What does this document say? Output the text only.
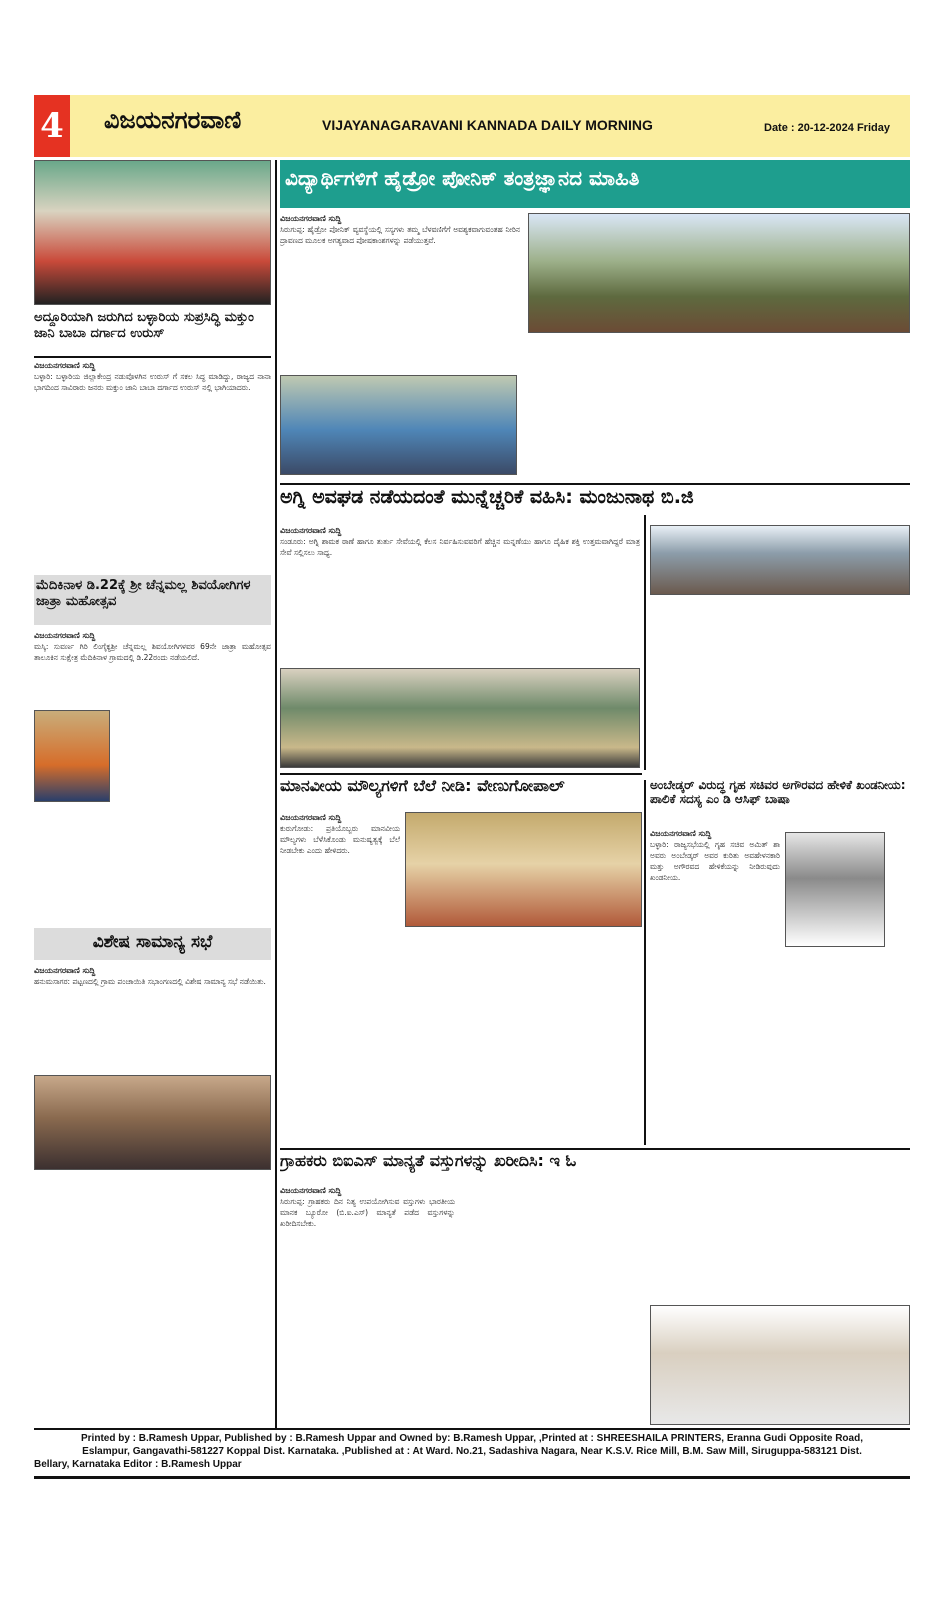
4 ವಿಜಯನಗರವಾಣಿ	VIJAYANAGARAVANI KANNADA DAILY MORNING	Date : 20-12-2024 Friday
ಅದ್ದೂರಿಯಾಗಿ ಜರುಗಿದ ಬಳ್ಳಾರಿಯ ಸುಪ್ರಸಿದ್ಧಿ ಮಕ್ತುಂ ಜಾನಿ ಬಾಬಾ ದರ್ಗಾದ ಉರುಸ್
ವಿಜಯನಗರವಾಣಿ ಸುದ್ದಿ
ಬಳ್ಳಾರಿ: ಬಳ್ಳಾರಿಯ ಜಿಲ್ಲಾಕೇಂದ್ರ ನಡುವೊಳಗಿನ ಉರುಸ್ ಗೆ ಸಕಲ ಸಿದ್ಧ ಮಾಡಿದ್ದು, ರಾಜ್ಯದ ನಾನಾ ಭಾಗದಿಂದ ಸಾವಿರಾರು ಜನರು ಮಕ್ತುಂ ಜಾನಿ ಬಾಬಾ ದರ್ಗಾದ ಉರುಸ್ ನಲ್ಲಿ ಭಾಗಿಯಾದರು.
ಮೆದಿಕಿನಾಳ ಡಿ.22ಕ್ಕೆ ಶ್ರೀ ಚೆನ್ನಮಲ್ಲ ಶಿವಯೋಗಿಗಳ ಜಾತ್ರಾ ಮಹೋತ್ಸವ
ವಿಜಯನಗರವಾಣಿ ಸುದ್ದಿ
ಮಸ್ಕಿ: ಸುವರ್ಣ ಗಿರಿ ಲಿಂಗೈಕ್ಯಶ್ರೀ ಚೆನ್ನಮಲ್ಲ ಶಿವಯೋಗಿಗಳವರ 69ನೇ ಜಾತ್ರಾ ಮಹೋತ್ಸವ ತಾಲೂಕಿನ ಸುಕ್ಷೇತ್ರ ಮೆದಿಕಿನಾಳ ಗ್ರಾಮದಲ್ಲಿ ಡಿ.22ರಂದು ನಡೆಯಲಿದೆ.
ವಿಶೇಷ ಸಾಮಾನ್ಯ ಸಭೆ
ವಿಜಯನಗರವಾಣಿ ಸುದ್ದಿ
ಹನುಮಸಾಗರ: ಪಟ್ಟಣದಲ್ಲಿ ಗ್ರಾಮ ಪಂಚಾಯಿತಿ ಸಭಾಂಗಣದಲ್ಲಿ ವಿಶೇಷ ಸಾಮಾನ್ಯ ಸಭೆ ನಡೆಯಿತು.
ವಿದ್ಯಾರ್ಥಿಗಳಿಗೆ ಹೈಡ್ರೋ ಪೋನಿಕ್ ತಂತ್ರಜ್ಞಾನದ ಮಾಹಿತಿ
ವಿಜಯನಗರವಾಣಿ ಸುದ್ದಿ
ಸಿರುಗುಪ್ಪ: ಹೈಡ್ರೋ ಪೋನಿಕ್ ವ್ಯವಸ್ಥೆಯಲ್ಲಿ ಸಸ್ಯಗಳು ತಮ್ಮ ಬೆಳವಣಿಗೆಗೆ ಅವಶ್ಯಕವಾಗುವಂತಹ ನೀರಿನ ದ್ರಾವಣದ ಮೂಲಕ ಅಗತ್ಯವಾದ ಪೋಷಕಾಂಶಗಳನ್ನು ಪಡೆಯುತ್ತವೆ.
ಅಗ್ನಿ ಅವಘಡ ನಡೆಯದಂತೆ ಮುನ್ನೆಚ್ಚರಿಕೆ ವಹಿಸಿ: ಮಂಜುನಾಥ ಬಿ.ಜಿ
ವಿಜಯನಗರವಾಣಿ ಸುದ್ದಿ
ಸಂಡೂರು: ಅಗ್ನಿ ಶಾಮಕ ಠಾಣೆ ಹಾಗೂ ತುರ್ತು ಸೇವೆಯಲ್ಲಿ ಕೆಲಸ ನಿರ್ವಹಿಸುವವರಿಗೆ ಹೆಚ್ಚಿನ ಮನ್ನಣೆಯು ಹಾಗೂ ದೈಹಿಕ ಶಕ್ತಿ ಉತ್ತಮವಾಗಿದ್ದರೆ ಮಾತ್ರ ಸೇವೆ ಸಲ್ಲಿಸಲು ಸಾಧ್ಯ.
ಮಾನವೀಯ ಮೌಲ್ಯಗಳಿಗೆ ಬೆಲೆ ನೀಡಿ: ವೇಣುಗೋಪಾಲ್
ವಿಜಯನಗರವಾಣಿ ಸುದ್ದಿ
ಕುರುಗೋಡು: ಪ್ರತಿಯೊಬ್ಬರು ಮಾನವೀಯ ಮೌಲ್ಯಗಳು ಬೆಳೆಸಿಕೊಂಡು ಮನುಷ್ಯತ್ವಕ್ಕೆ ಬೆಲೆ ನೀಡಬೇಕು ಎಂದು ಹೇಳಿದರು.
ಅಂಬೇಡ್ಕರ್ ವಿರುದ್ಧ ಗೃಹ ಸಚಿವರ ಅಗೌರವದ ಹೇಳಿಕೆ ಖಂಡನೀಯ: ಪಾಲಿಕೆ ಸದಸ್ಯ ಎಂ ಡಿ ಆಸಿಫ್ ಬಾಷಾ
ವಿಜಯನಗರವಾಣಿ ಸುದ್ದಿ
ಬಳ್ಳಾರಿ: ರಾಜ್ಯಸಭೆಯಲ್ಲಿ ಗೃಹ ಸಚಿವ ಅಮಿತ್ ಶಾ ಅವರು ಅಂಬೇಡ್ಕರ್ ಅವರ ಕುರಿತು ಅವಹೇಳನಕಾರಿ ಮತ್ತು ಅಗೌರವದ ಹೇಳಿಕೆಯನ್ನು ನೀಡಿರುವುದು ಖಂಡನೀಯ.
ಗ್ರಾಹಕರು ಬಿಐಎಸ್ ಮಾನ್ಯತೆ ವಸ್ತುಗಳನ್ನು ಖರೀದಿಸಿ: ಇ ಓ
ವಿಜಯನಗರವಾಣಿ ಸುದ್ದಿ
ಸಿರುಗುಪ್ಪ: ಗ್ರಾಹಕರು ದಿನ ನಿತ್ಯ ಉಪಯೋಗಿಸುವ ವಸ್ತುಗಳು ಭಾರತೀಯ ಮಾನಕ ಬ್ಯೂರೋ (ಬಿ.ಐ.ಎಸ್) ಮಾನ್ಯತೆ ಪಡೆದ ವಸ್ತುಗಳನ್ನು ಖರೀದಿಸಬೇಕು.
Printed by : B.Ramesh Uppar, Published by : B.Ramesh Uppar and Owned by: B.Ramesh Uppar, ,Printed at : SHREESHAILA PRINTERS, Eranna Gudi Opposite Road,
Eslampur, Gangavathi-581227 Koppal Dist. Karnataka. ,Published at : At Ward. No.21, Sadashiva Nagara, Near K.S.V. Rice Mill, B.M. Saw Mill, Siruguppa-583121 Dist.
Bellary, Karnataka Editor : B.Ramesh Uppar
